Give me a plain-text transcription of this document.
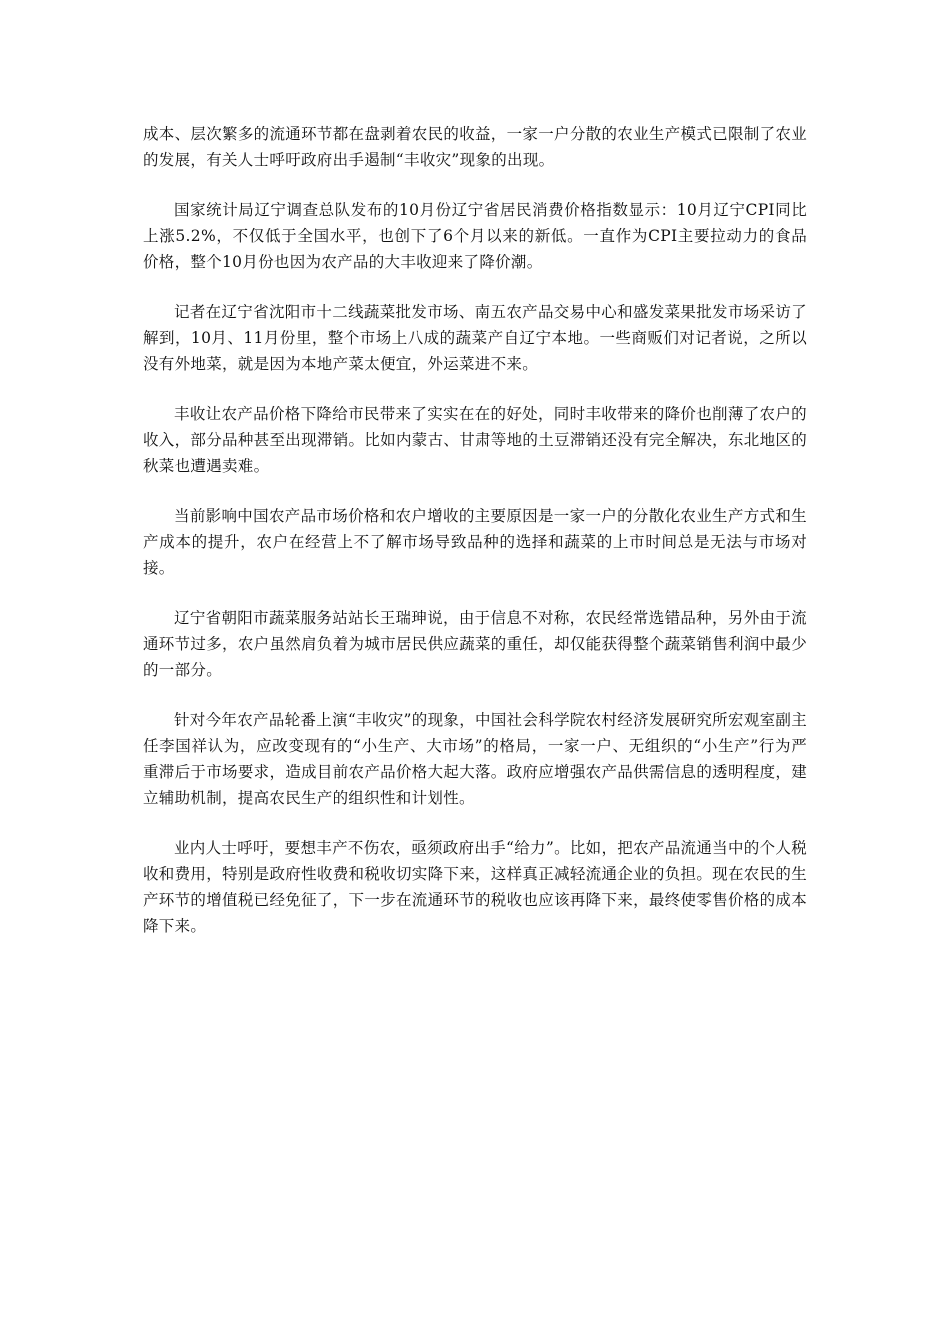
成本、层次繁多的流通环节都在盘剥着农民的收益，一家一户分散的农业生产模式已限制了农业的发展，有关人士呼吁政府出手遏制“丰收灾”现象的出现。

国家统计局辽宁调查总队发布的10月份辽宁省居民消费价格指数显示：10月辽宁CPI同比上涨5.2%，不仅低于全国水平，也创下了6个月以来的新低。一直作为CPI主要拉动力的食品价格，整个10月份也因为农产品的大丰收迎来了降价潮。

记者在辽宁省沈阳市十二线蔬菜批发市场、南五农产品交易中心和盛发菜果批发市场采访了解到，10月、11月份里，整个市场上八成的蔬菜产自辽宁本地。一些商贩们对记者说，之所以没有外地菜，就是因为本地产菜太便宜，外运菜进不来。

丰收让农产品价格下降给市民带来了实实在在的好处，同时丰收带来的降价也削薄了农户的收入，部分品种甚至出现滞销。比如内蒙古、甘肃等地的土豆滞销还没有完全解决，东北地区的秋菜也遭遇卖难。

当前影响中国农产品市场价格和农户增收的主要原因是一家一户的分散化农业生产方式和生产成本的提升，农户在经营上不了解市场导致品种的选择和蔬菜的上市时间总是无法与市场对接。

辽宁省朝阳市蔬菜服务站站长王瑞珅说，由于信息不对称，农民经常选错品种，另外由于流通环节过多，农户虽然肩负着为城市居民供应蔬菜的重任，却仅能获得整个蔬菜销售利润中最少的一部分。

针对今年农产品轮番上演“丰收灾”的现象，中国社会科学院农村经济发展研究所宏观室副主任李国祥认为，应改变现有的“小生产、大市场”的格局，一家一户、无组织的“小生产”行为严重滞后于市场要求，造成目前农产品价格大起大落。政府应增强农产品供需信息的透明程度，建立辅助机制，提高农民生产的组织性和计划性。

业内人士呼吁，要想丰产不伤农，亟须政府出手“给力”。比如，把农产品流通当中的个人税收和费用，特别是政府性收费和税收切实降下来，这样真正减轻流通企业的负担。现在农民的生产环节的增值税已经免征了，下一步在流通环节的税收也应该再降下来，最终使零售价格的成本降下来。
